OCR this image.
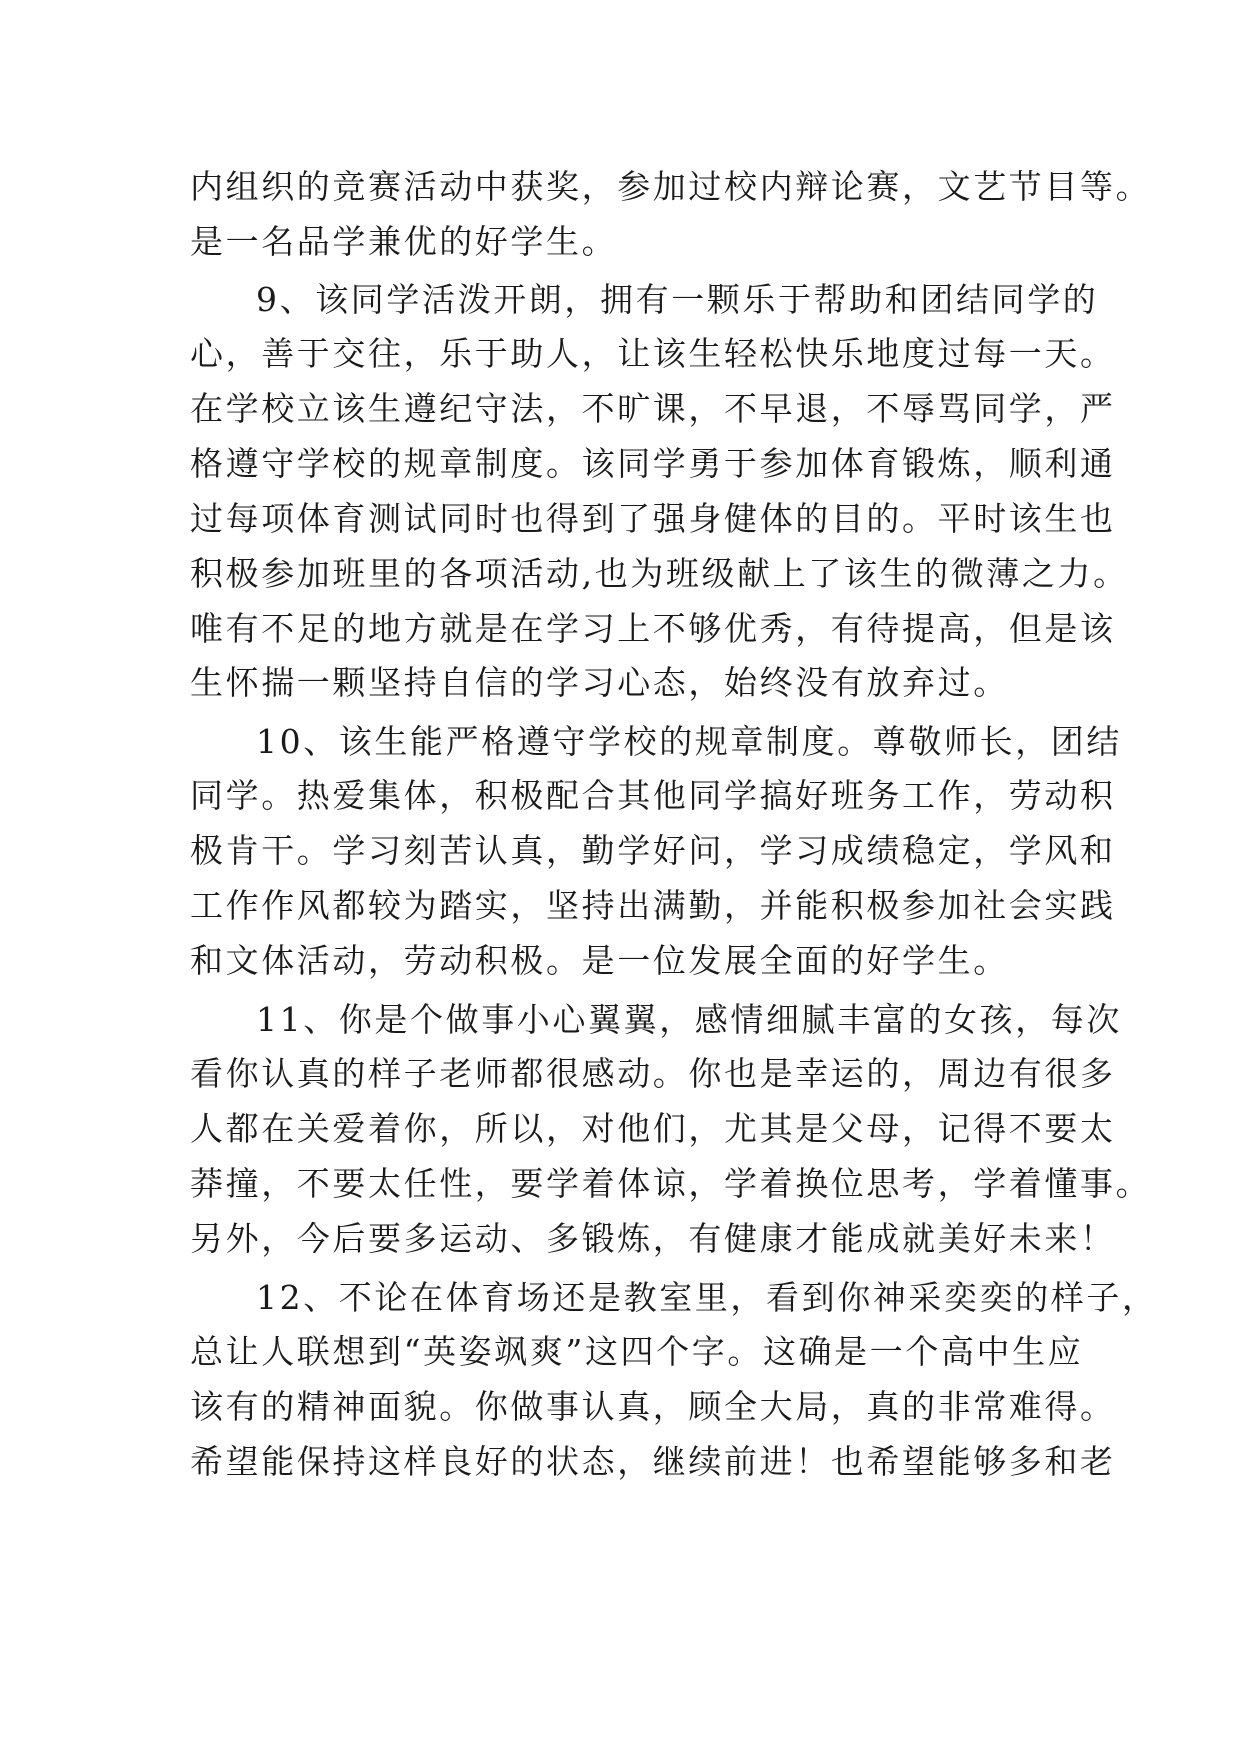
内组织的竞赛活动中获奖，参加过校内辩论赛，文艺节目等。

是一名品学兼优的好学生。

9、该同学活泼开朗，拥有一颗乐于帮助和团结同学的

心，善于交往，乐于助人，让该生轻松快乐地度过每一天。

在学校立该生遵纪守法，不旷课，不早退，不辱骂同学，严

格遵守学校的规章制度。该同学勇于参加体育锻炼，顺利通

过每项体育测试同时也得到了强身健体的目的。平时该生也

积极参加班里的各项活动,也为班级献上了该生的微薄之力。

唯有不足的地方就是在学习上不够优秀，有待提高，但是该

生怀揣一颗坚持自信的学习心态，始终没有放弃过。

10、该生能严格遵守学校的规章制度。尊敬师长，团结

同学。热爱集体，积极配合其他同学搞好班务工作，劳动积

极肯干。学习刻苦认真，勤学好问，学习成绩稳定，学风和

工作作风都较为踏实，坚持出满勤，并能积极参加社会实践

和文体活动，劳动积极。是一位发展全面的好学生。

11、你是个做事小心翼翼，感情细腻丰富的女孩，每次

看你认真的样子老师都很感动。你也是幸运的，周边有很多

人都在关爱着你，所以，对他们，尤其是父母，记得不要太

莽撞，不要太任性，要学着体谅，学着换位思考，学着懂事。

另外，今后要多运动、多锻炼，有健康才能成就美好未来！

12、不论在体育场还是教室里，看到你神采奕奕的样子，

总让人联想到“英姿飒爽”这四个字。这确是一个高中生应

该有的精神面貌。你做事认真，顾全大局，真的非常难得。

希望能保持这样良好的状态，继续前进！也希望能够多和老
